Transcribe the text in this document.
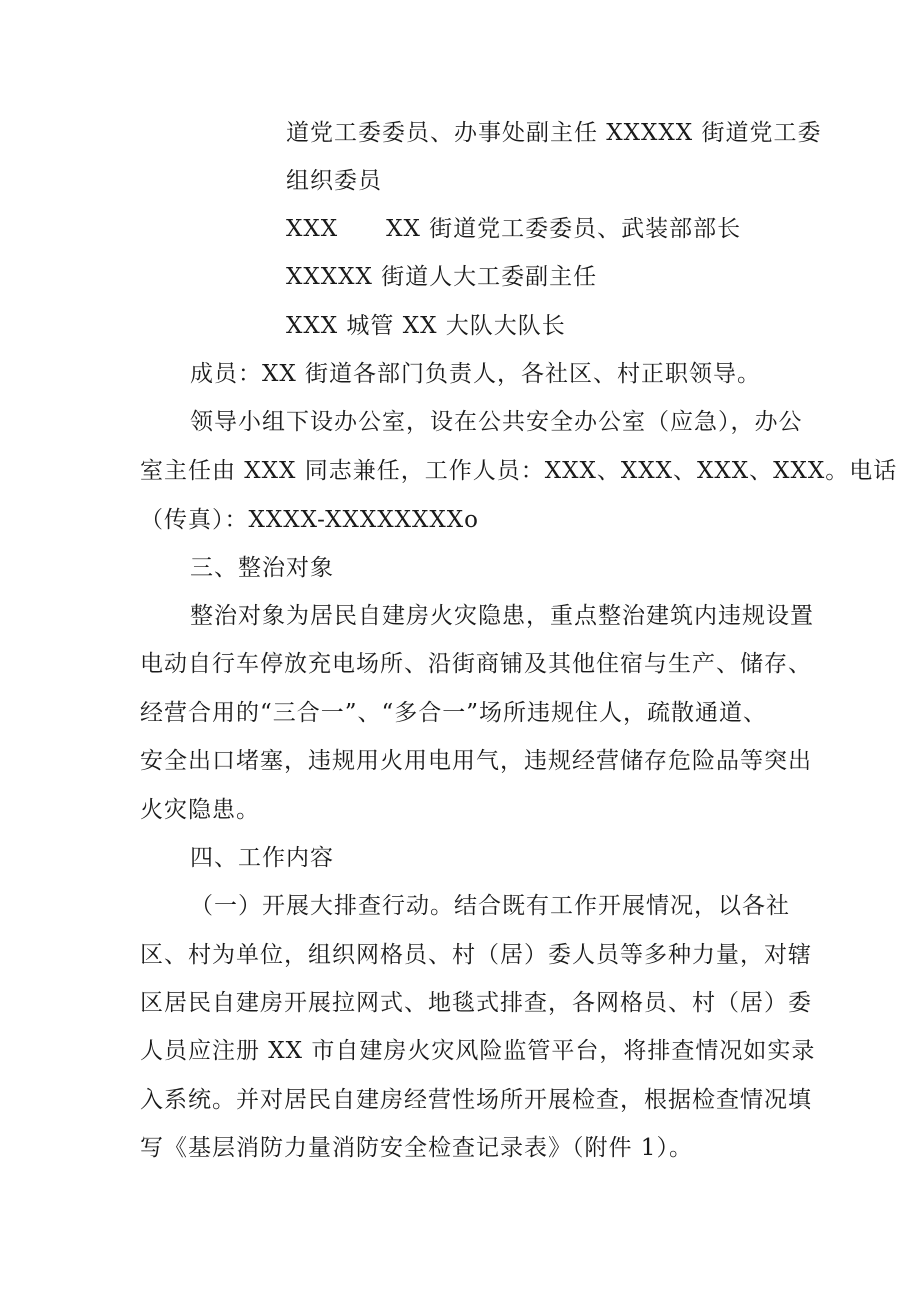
道党工委委员、办事处副主任 XXXXX 街道党工委
组织委员
XXX XX 街道党工委委员、武装部部长
XXXXX 街道人大工委副主任
XXX 城管 XX 大队大队长
成员：XX 街道各部门负责人，各社区、村正职领导。
领导小组下设办公室，设在公共安全办公室（应急），办公
室主任由 XXX 同志兼任，工作人员：XXX、XXX、XXX、XXX。电话
（传真）：XXXX-XXXXXXXXo
三、整治对象
整治对象为居民自建房火灾隐患，重点整治建筑内违规设置
电动自行车停放充电场所、沿街商铺及其他住宿与生产、储存、
经营合用的“三合一”、“多合一”场所违规住人，疏散通道、
安全出口堵塞，违规用火用电用气，违规经营储存危险品等突出
火灾隐患。
四、工作内容
（一）开展大排查行动。结合既有工作开展情况，以各社
区、村为单位，组织网格员、村（居）委人员等多种力量，对辖
区居民自建房开展拉网式、地毯式排查，各网格员、村（居）委
人员应注册 XX 市自建房火灾风险监管平台，将排查情况如实录
入系统。并对居民自建房经营性场所开展检查，根据检查情况填
写《基层消防力量消防安全检查记录表》（附件 1）。
